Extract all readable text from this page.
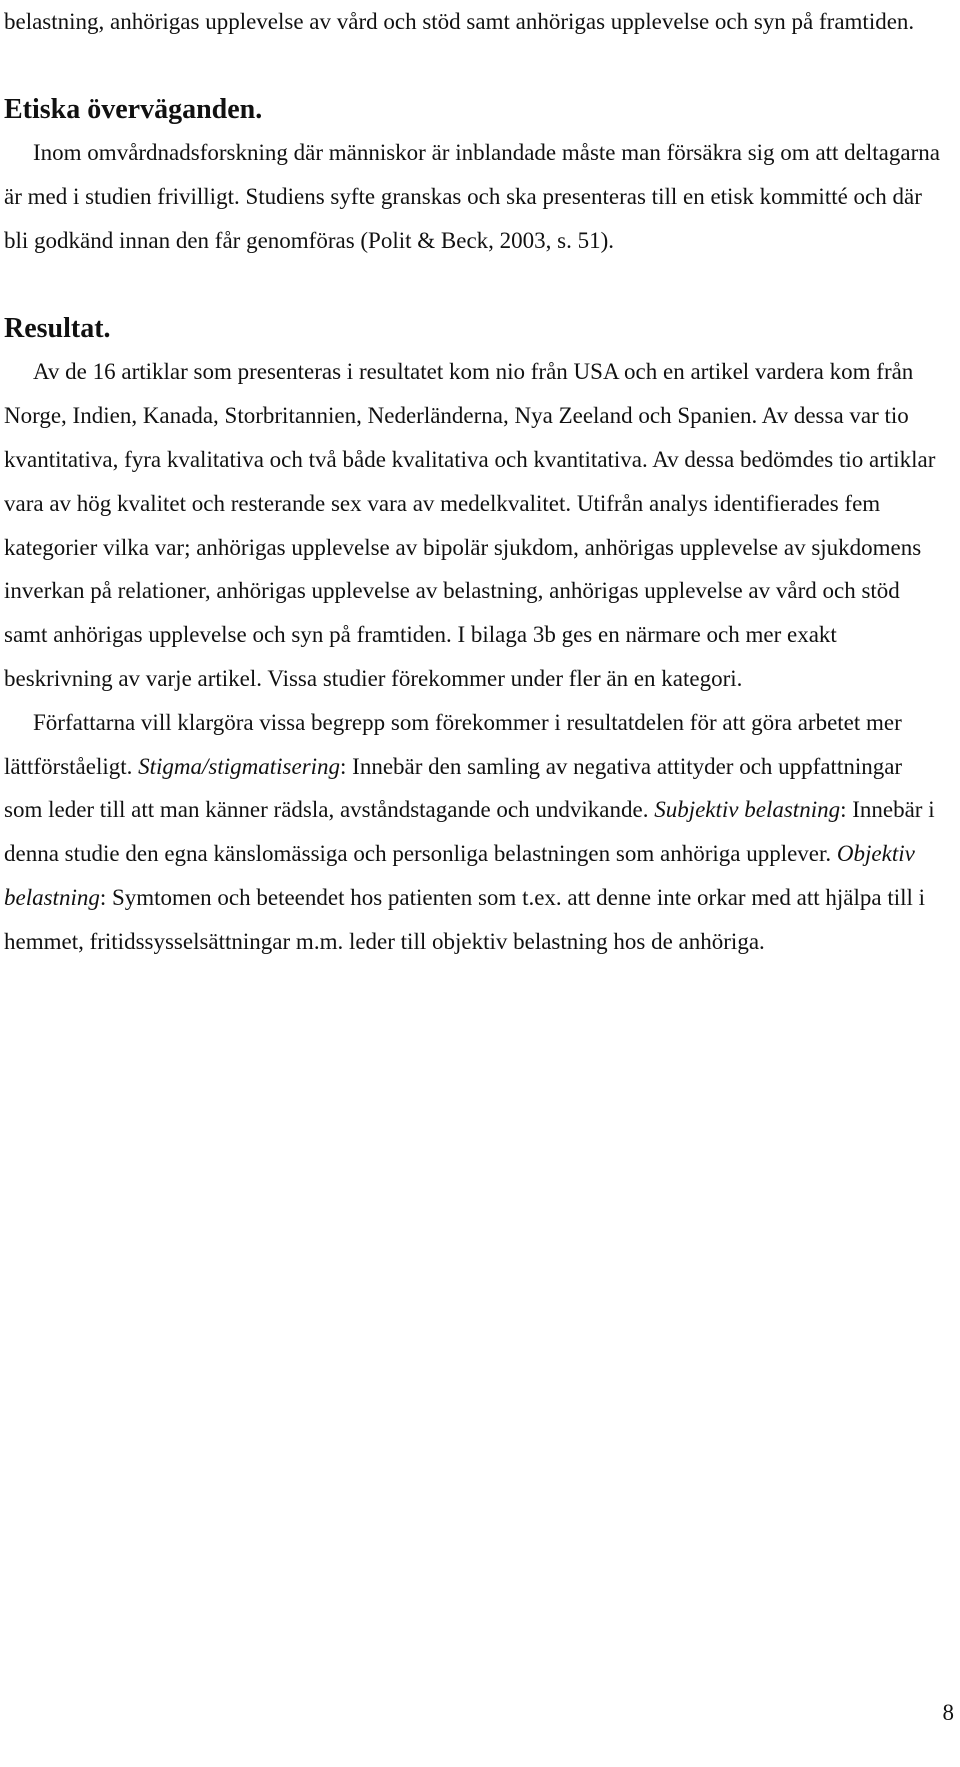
belastning, anhörigas upplevelse av vård och stöd samt anhörigas upplevelse och syn på framtiden.

Etiska överväganden.

Inom omvårdnadsforskning där människor är inblandade måste man försäkra sig om att deltagarna är med i studien frivilligt. Studiens syfte granskas och ska presenteras till en etisk kommitté och där bli godkänd innan den får genomföras (Polit & Beck, 2003, s. 51).

Resultat.

Av de 16 artiklar som presenteras i resultatet kom nio från USA och en artikel vardera kom från Norge, Indien, Kanada, Storbritannien, Nederländerna, Nya Zeeland och Spanien. Av dessa var tio kvantitativa, fyra kvalitativa och två både kvalitativa och kvantitativa. Av dessa bedömdes tio artiklar vara av hög kvalitet och resterande sex vara av medelkvalitet. Utifrån analys identifierades fem kategorier vilka var; anhörigas upplevelse av bipolär sjukdom, anhörigas upplevelse av sjukdomens inverkan på relationer, anhörigas upplevelse av belastning, anhörigas upplevelse av vård och stöd samt anhörigas upplevelse och syn på framtiden. I bilaga 3b ges en närmare och mer exakt beskrivning av varje artikel. Vissa studier förekommer under fler än en kategori.

Författarna vill klargöra vissa begrepp som förekommer i resultatdelen för att göra arbetet mer lättförståeligt. Stigma/stigmatisering: Innebär den samling av negativa attityder och uppfattningar som leder till att man känner rädsla, avståndstagande och undvikande. Subjektiv belastning: Innebär i denna studie den egna känslomässiga och personliga belastningen som anhöriga upplever. Objektiv belastning: Symtomen och beteendet hos patienten som t.ex. att denne inte orkar med att hjälpa till i hemmet, fritidssysselsättningar m.m. leder till objektiv belastning hos de anhöriga.

8
